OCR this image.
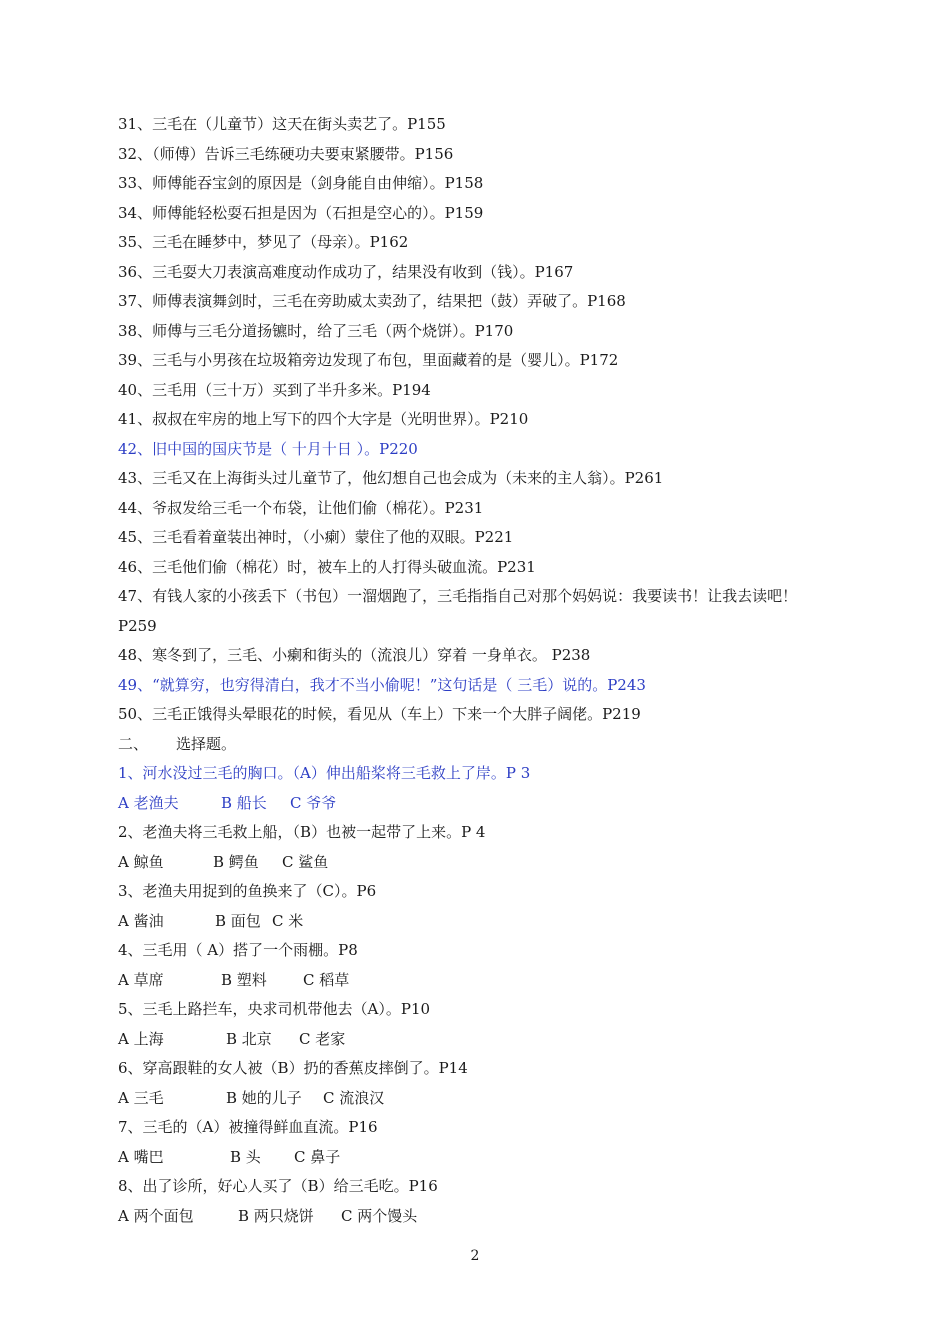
31、三毛在（儿童节）这天在街头卖艺了。P155
32、（师傅）告诉三毛练硬功夫要束紧腰带。P156
33、师傅能吞宝剑的原因是（剑身能自由伸缩）。P158
34、师傅能轻松耍石担是因为（石担是空心的）。P159
35、三毛在睡梦中，梦见了（母亲）。P162
36、三毛耍大刀表演高难度动作成功了，结果没有收到（钱）。P167
37、师傅表演舞剑时，三毛在旁助威太卖劲了，结果把（鼓）弄破了。P168
38、师傅与三毛分道扬镳时，给了三毛（两个烧饼）。P170
39、三毛与小男孩在垃圾箱旁边发现了布包，里面藏着的是（婴儿）。P172
40、三毛用（三十万）买到了半升多米。P194
41、叔叔在牢房的地上写下的四个大字是（光明世界）。P210
42、旧中国的国庆节是（ 十月十日 ）。P220
43、三毛又在上海街头过儿童节了，他幻想自己也会成为（未来的主人翁）。P261
44、爷叔发给三毛一个布袋，让他们偷（棉花）。P231
45、三毛看着童装出神时，（小瘌）蒙住了他的双眼。P221
46、三毛他们偷（棉花）时，被车上的人打得头破血流。P231
47、有钱人家的小孩丢下（书包）一溜烟跑了，三毛指指自己对那个妈妈说：我要读书！让我去读吧！
P259
48、寒冬到了，三毛、小瘌和街头的（流浪儿）穿着 一身单衣。 P238
49、“就算穷，也穷得清白，我才不当小偷呢！”这句话是（ 三毛）说的。P243
50、三毛正饿得头晕眼花的时候，看见从（车上）下来一个大胖子阔佬。P219
二、 选择题。
1、河水没过三毛的胸口。（A）伸出船桨将三毛救上了岸。P 3
A 老渔夫	B 船长 C 爷爷
2、老渔夫将三毛救上船，（B）也被一起带了上来。P 4
A 鲸鱼	B 鳄鱼 C 鲨鱼
3、老渔夫用捉到的鱼换来了（C）。P6
A 酱油	B 面包 C 米
4、三毛用（ A）搭了一个雨棚。P8
A 草席	B 塑料 C 稻草
5、三毛上路拦车，央求司机带他去（A）。P10
A 上海	B 北京 C 老家
6、穿高跟鞋的女人被（B）扔的香蕉皮摔倒了。P14
A 三毛	B 她的儿子 C 流浪汉
7、三毛的（A）被撞得鲜血直流。P16
A 嘴巴	B 头 C 鼻子
8、出了诊所，好心人买了（B）给三毛吃。P16
A 两个面包	B 两只烧饼 C 两个馒头
2
